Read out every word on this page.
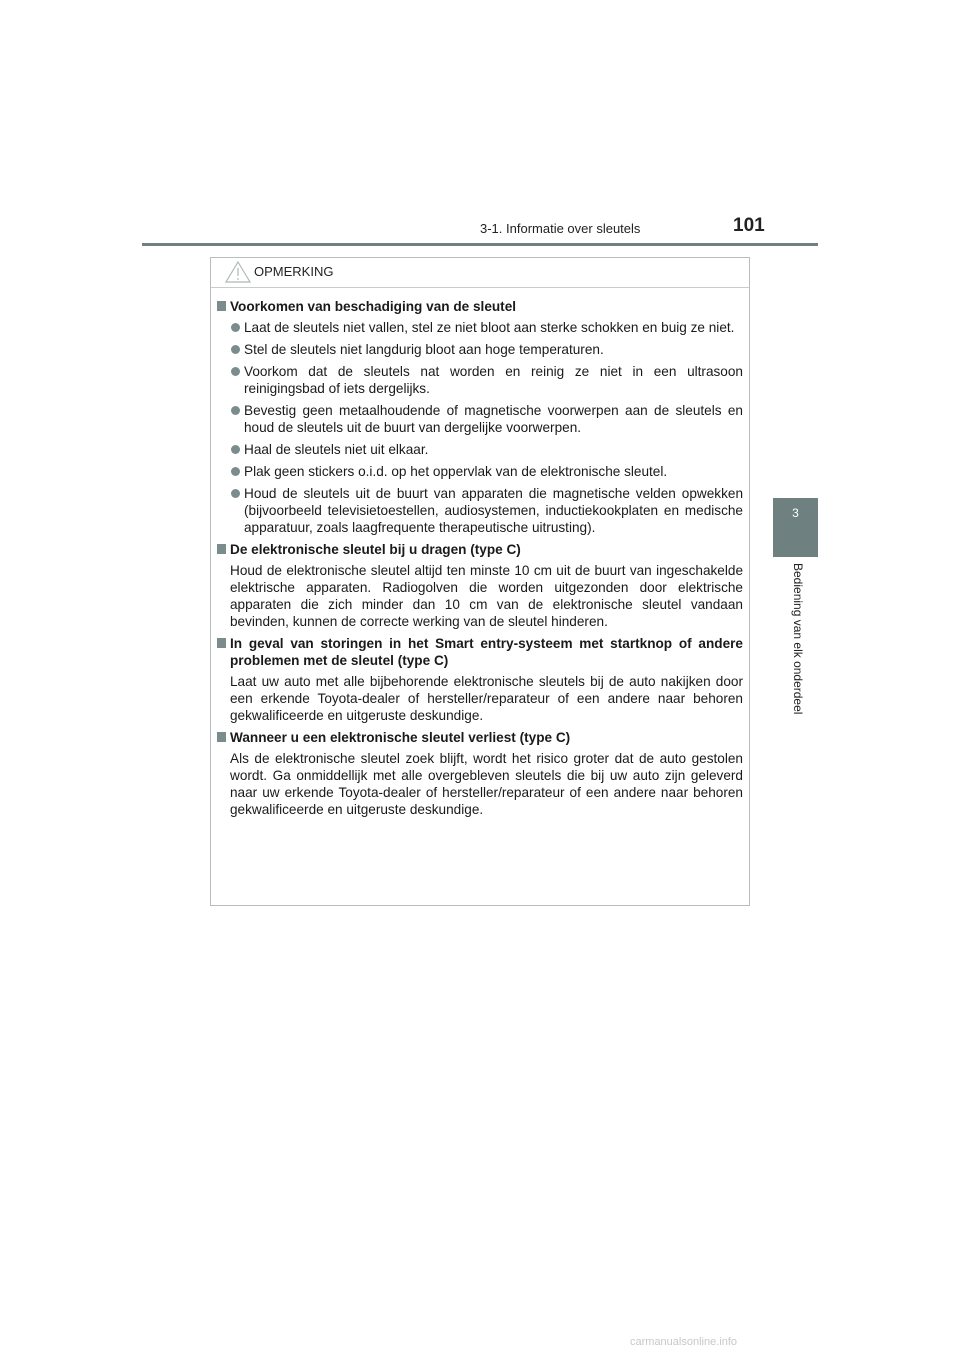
3-1. Informatie over sleutels	101
3
Bediening van elk onderdeel
OPMERKING
Voorkomen van beschadiging van de sleutel
Laat de sleutels niet vallen, stel ze niet bloot aan sterke schokken en buig ze niet.
Stel de sleutels niet langdurig bloot aan hoge temperaturen.
Voorkom dat de sleutels nat worden en reinig ze niet in een ultrasoon reinigingsbad of iets dergelijks.
Bevestig geen metaalhoudende of magnetische voorwerpen aan de sleutels en houd de sleutels uit de buurt van dergelijke voorwerpen.
Haal de sleutels niet uit elkaar.
Plak geen stickers o.i.d. op het oppervlak van de elektronische sleutel.
Houd de sleutels uit de buurt van apparaten die magnetische velden opwekken (bijvoorbeeld televisietoestellen, audiosystemen, inductiekookplaten en medische apparatuur, zoals laagfrequente therapeutische uitrusting).
De elektronische sleutel bij u dragen (type C)
Houd de elektronische sleutel altijd ten minste 10 cm uit de buurt van ingeschakelde elektrische apparaten. Radiogolven die worden uitgezonden door elektrische apparaten die zich minder dan 10 cm van de elektronische sleutel vandaan bevinden, kunnen de correcte werking van de sleutel hinderen.
In geval van storingen in het Smart entry-systeem met startknop of andere problemen met de sleutel (type C)
Laat uw auto met alle bijbehorende elektronische sleutels bij de auto nakijken door een erkende Toyota-dealer of hersteller/reparateur of een andere naar behoren gekwalificeerde en uitgeruste deskundige.
Wanneer u een elektronische sleutel verliest (type C)
Als de elektronische sleutel zoek blijft, wordt het risico groter dat de auto gestolen wordt. Ga onmiddellijk met alle overgebleven sleutels die bij uw auto zijn geleverd naar uw erkende Toyota-dealer of hersteller/reparateur of een andere naar behoren gekwalificeerde en uitgeruste deskundige.
carmanualsonline.info
